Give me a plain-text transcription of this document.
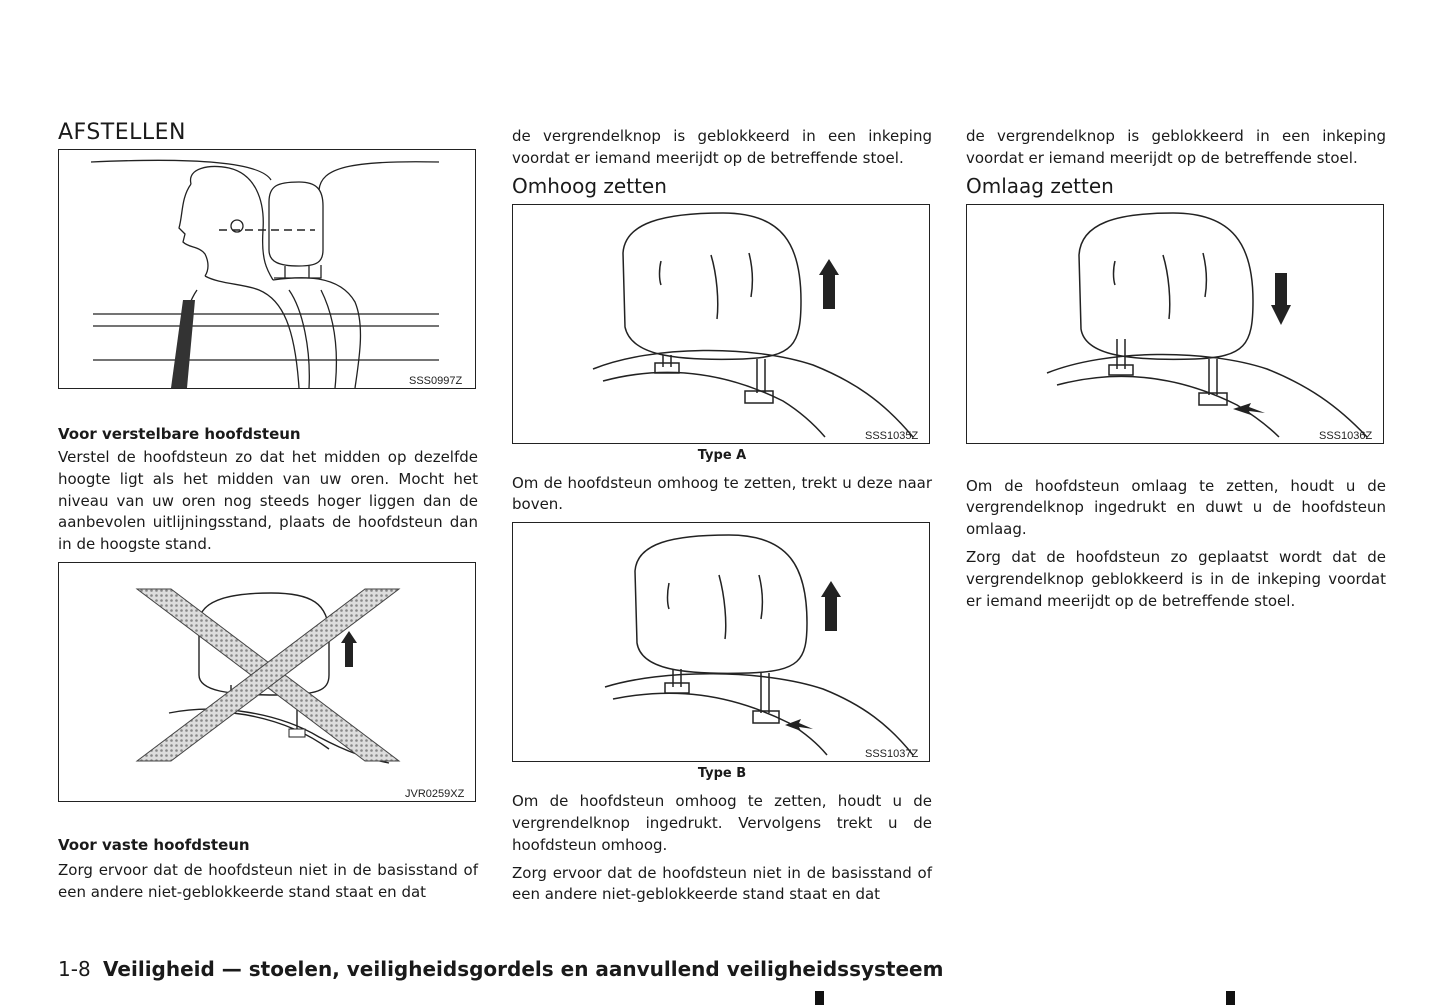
AFSTELLEN
SSS0997Z
Voor verstelbare hoofdsteun

Verstel de hoofdsteun zo dat het midden op dezelfde hoogte ligt als het midden van uw oren. Mocht het niveau van uw oren nog steeds hoger liggen dan de aanbevolen uitlijningsstand, plaats de hoofdsteun dan in de hoogste stand.

JVR0259XZ
Voor vaste hoofdsteun

Zorg ervoor dat de hoofdsteun niet in de basisstand of een andere niet-geblokkeerde stand staat en dat

de vergrendelknop is geblokkeerd in een inkeping voordat er iemand meerijdt op de betreffende stoel.

Omhoog zetten
SSS1035Z
Type A

Om de hoofdsteun omhoog te zetten, trekt u deze naar boven.

SSS1037Z
Type B

Om de hoofdsteun omhoog te zetten, houdt u de vergrendelknop ingedrukt. Vervolgens trekt u de hoofdsteun omhoog.

Zorg ervoor dat de hoofdsteun niet in de basisstand of een andere niet-geblokkeerde stand staat en dat

de vergrendelknop is geblokkeerd in een inkeping voordat er iemand meerijdt op de betreffende stoel.

Omlaag zetten
SSS1036Z

Om de hoofdsteun omlaag te zetten, houdt u de vergrendelknop ingedrukt en duwt u de hoofdsteun omlaag.

Zorg dat de hoofdsteun zo geplaatst wordt dat de vergrendelknop geblokkeerd is in de inkeping voordat er iemand meerijdt op de betreffende stoel.

1-8 Veiligheid — stoelen, veiligheidsgordels en aanvullend veiligheidssysteem
